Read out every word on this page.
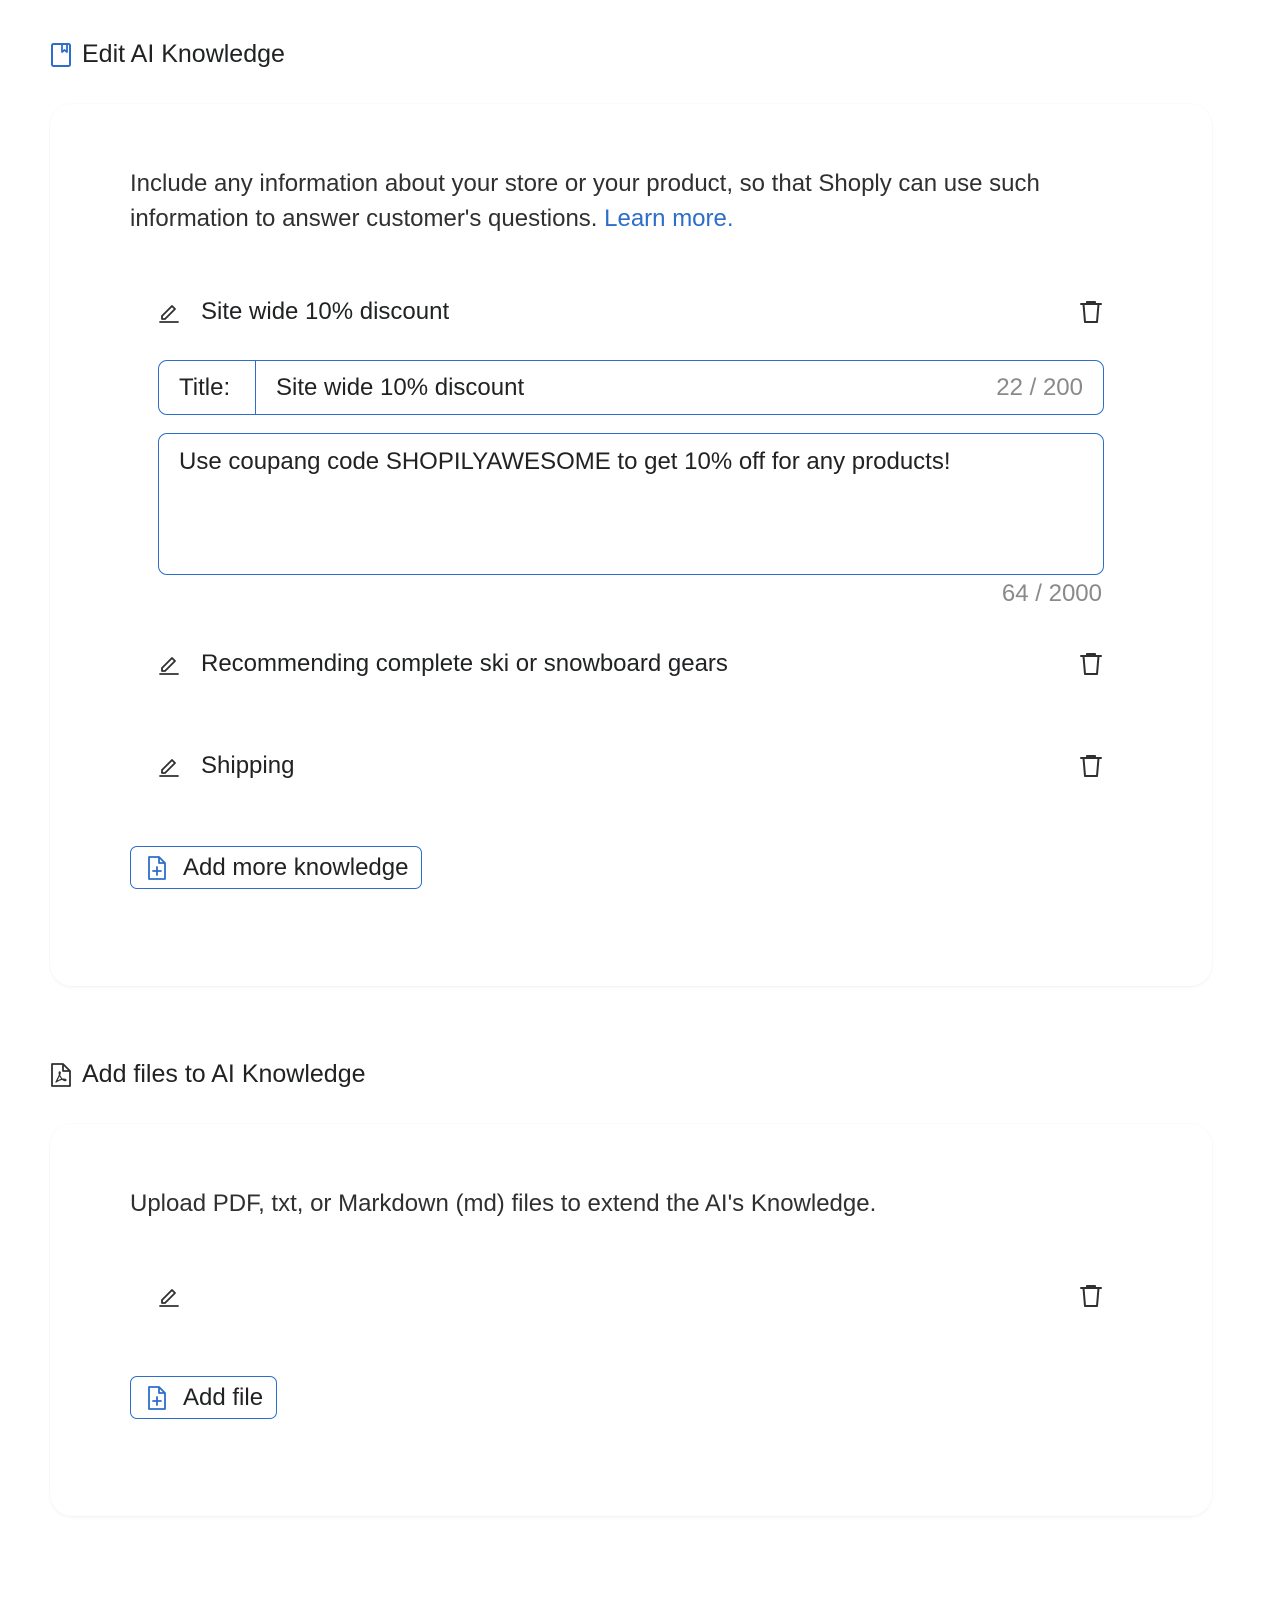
Edit AI Knowledge

Include any information about your store or your product, so that Shoply can use such information to answer customer's questions. Learn more.

Site wide 10% discount
Title:
Site wide 10% discount	22 / 200
Use coupang code SHOPILYAWESOME to get 10% off for any products!
64 / 2000
Recommending complete ski or snowboard gears
Shipping
Add more knowledge
Add files to AI Knowledge

Upload PDF, txt, or Markdown (md) files to extend the AI's Knowledge.

Add file
